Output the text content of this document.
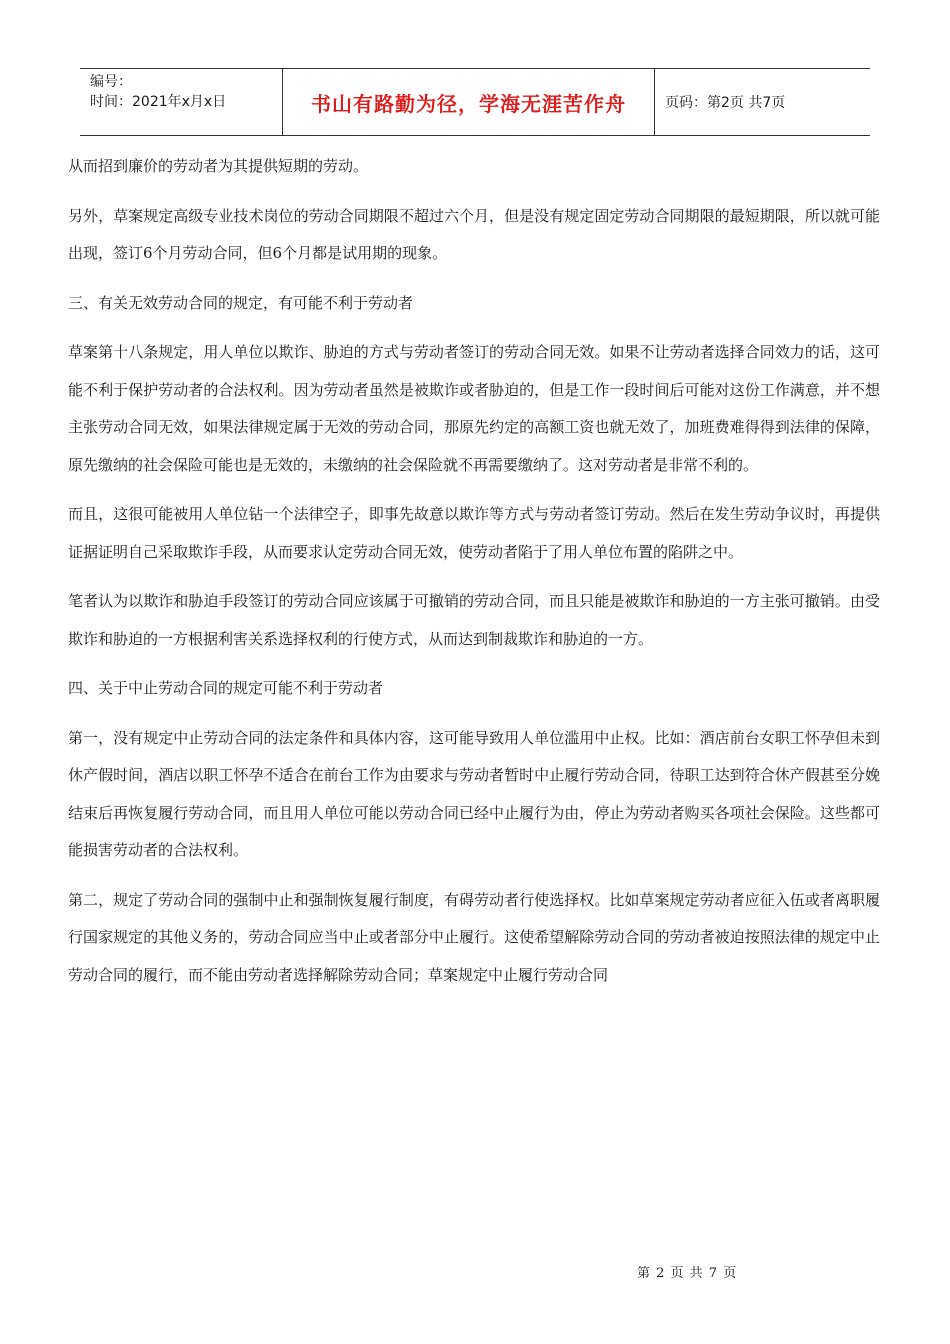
编号：
时间：2021年x月x日	书山有路勤为径，学海无涯苦作舟	页码：第2页 共7页

从而招到廉价的劳动者为其提供短期的劳动。

另外，草案规定高级专业技术岗位的劳动合同期限不超过六个月，但是没有规定固定劳动合同期限的最短期限，所以就可能出现，签订6个月劳动合同，但6个月都是试用期的现象。

三、有关无效劳动合同的规定，有可能不利于劳动者

草案第十八条规定，用人单位以欺诈、胁迫的方式与劳动者签订的劳动合同无效。如果不让劳动者选择合同效力的话，这可能不利于保护劳动者的合法权利。因为劳动者虽然是被欺诈或者胁迫的，但是工作一段时间后可能对这份工作满意，并不想主张劳动合同无效，如果法律规定属于无效的劳动合同，那原先约定的高额工资也就无效了，加班费难得得到法律的保障，原先缴纳的社会保险可能也是无效的，未缴纳的社会保险就不再需要缴纳了。这对劳动者是非常不利的。

而且，这很可能被用人单位钻一个法律空子，即事先故意以欺诈等方式与劳动者签订劳动。然后在发生劳动争议时，再提供证据证明自己采取欺诈手段，从而要求认定劳动合同无效，使劳动者陷于了用人单位布置的陷阱之中。

笔者认为以欺诈和胁迫手段签订的劳动合同应该属于可撤销的劳动合同，而且只能是被欺诈和胁迫的一方主张可撤销。由受欺诈和胁迫的一方根据利害关系选择权利的行使方式，从而达到制裁欺诈和胁迫的一方。

四、关于中止劳动合同的规定可能不利于劳动者

第一，没有规定中止劳动合同的法定条件和具体内容，这可能导致用人单位滥用中止权。比如：酒店前台女职工怀孕但未到休产假时间，酒店以职工怀孕不适合在前台工作为由要求与劳动者暂时中止履行劳动合同，待职工达到符合休产假甚至分娩结束后再恢复履行劳动合同，而且用人单位可能以劳动合同已经中止履行为由，停止为劳动者购买各项社会保险。这些都可能损害劳动者的合法权利。

第二，规定了劳动合同的强制中止和强制恢复履行制度，有碍劳动者行使选择权。比如草案规定劳动者应征入伍或者离职履行国家规定的其他义务的，劳动合同应当中止或者部分中止履行。这使希望解除劳动合同的劳动者被迫按照法律的规定中止劳动合同的履行，而不能由劳动者选择解除劳动合同；草案规定中止履行劳动合同

第 2 页 共 7 页
